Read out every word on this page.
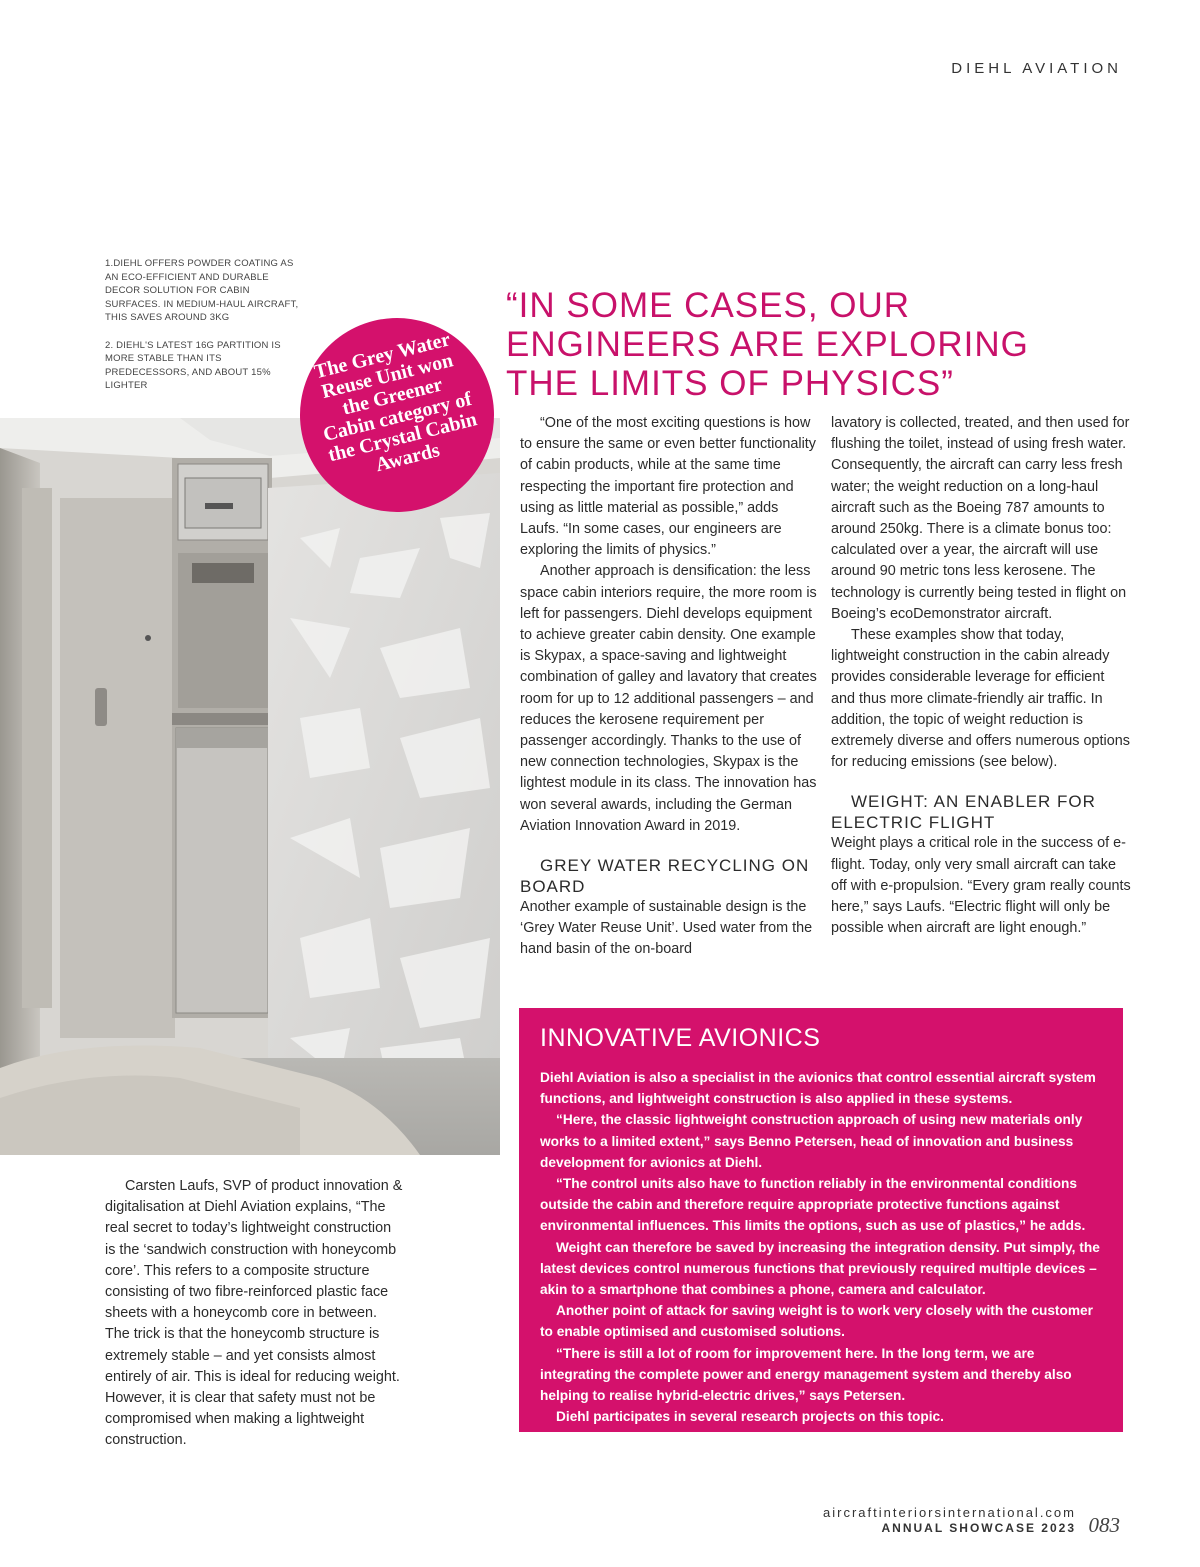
DIEHL AVIATION

1.DIEHL OFFERS POWDER COATING AS AN ECO-EFFICIENT AND DURABLE DECOR SOLUTION FOR CABIN SURFACES. IN MEDIUM-HAUL AIRCRAFT, THIS SAVES AROUND 3KG

2. DIEHL'S LATEST 16G PARTITION IS MORE STABLE THAN ITS PREDECESSORS, AND ABOUT 15% LIGHTER

The Grey Water Reuse Unit won the Greener Cabin category of the Crystal Cabin Awards
“IN SOME CASES, OUR ENGINEERS ARE EXPLORING THE LIMITS OF PHYSICS”

“One of the most exciting questions is how to ensure the same or even better functionality of cabin products, while at the same time respecting the important fire protection and using as little material as possible,” adds Laufs. “In some cases, our engineers are exploring the limits of physics.”

Another approach is densification: the less space cabin interiors require, the more room is left for passengers. Diehl develops equipment to achieve greater cabin density. One example is Skypax, a space-saving and lightweight combination of galley and lavatory that creates room for up to 12 additional passengers – and reduces the kerosene requirement per passenger accordingly. Thanks to the use of new connection technologies, Skypax is the lightest module in its class. The innovation has won several awards, including the German Aviation Innovation Award in 2019.

GREY WATER RECYCLING ON BOARD

Another example of sustainable design is the ‘Grey Water Reuse Unit’. Used water from the hand basin of the on-board

lavatory is collected, treated, and then used for flushing the toilet, instead of using fresh water. Consequently, the aircraft can carry less fresh water; the weight reduction on a long-haul aircraft such as the Boeing 787 amounts to around 250kg. There is a climate bonus too: calculated over a year, the aircraft will use around 90 metric tons less kerosene. The technology is currently being tested in flight on Boeing’s ecoDemonstrator aircraft.

These examples show that today, lightweight construction in the cabin already provides considerable leverage for efficient and thus more climate-friendly air traffic. In addition, the topic of weight reduction is extremely diverse and offers numerous options for reducing emissions (see below).

WEIGHT: AN ENABLER FOR ELECTRIC FLIGHT

Weight plays a critical role in the success of e-flight. Today, only very small aircraft can take off with e-propulsion. “Every gram really counts here,” says Laufs. “Electric flight will only be possible when aircraft are light enough.”

Carsten Laufs, SVP of product innovation & digitalisation at Diehl Aviation explains, “The real secret to today’s lightweight construction is the ‘sandwich construction with honeycomb core’. This refers to a composite structure consisting of two fibre-reinforced plastic face sheets with a honeycomb core in between. The trick is that the honeycomb structure is extremely stable – and yet consists almost entirely of air. This is ideal for reducing weight. However, it is clear that safety must not be compromised when making a lightweight construction.

INNOVATIVE AVIONICS

Diehl Aviation is also a specialist in the avionics that control essential aircraft system functions, and lightweight construction is also applied in these systems.

“Here, the classic lightweight construction approach of using new materials only works to a limited extent,” says Benno Petersen, head of innovation and business development for avionics at Diehl.

“The control units also have to function reliably in the environmental conditions outside the cabin and therefore require appropriate protective functions against environmental influences. This limits the options, such as use of plastics,” he adds.

Weight can therefore be saved by increasing the integration density. Put simply, the latest devices control numerous functions that previously required multiple devices – akin to a smartphone that combines a phone, camera and calculator.

Another point of attack for saving weight is to work very closely with the customer to enable optimised and customised solutions.

“There is still a lot of room for improvement here. In the long term, we are integrating the complete power and energy management system and thereby also helping to realise hybrid-electric drives,” says Petersen.

Diehl participates in several research projects on this topic.

aircraftinteriorsinternational.com
ANNUAL SHOWCASE 2023 083
